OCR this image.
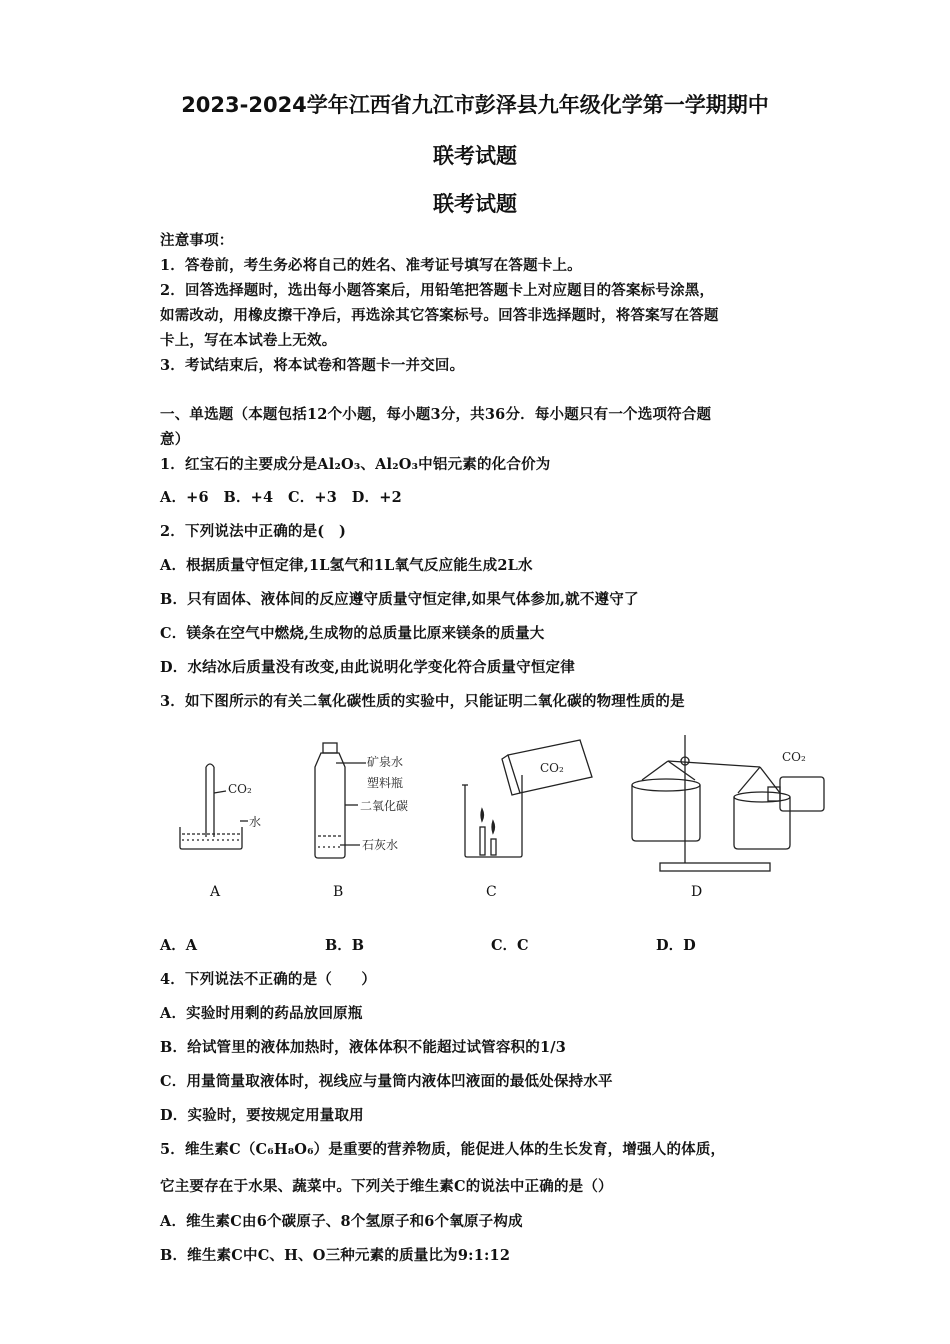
2023-2024学年江西省九江市彭泽县九年级化学第一学期期中
联考试题
联考试题
注意事项：
1．答卷前，考生务必将自己的姓名、准考证号填写在答题卡上。
2．回答选择题时，选出每小题答案后，用铅笔把答题卡上对应题目的答案标号涂黑，
如需改动，用橡皮擦干净后，再选涂其它答案标号。回答非选择题时，将答案写在答题
卡上，写在本试卷上无效。
3．考试结束后，将本试卷和答题卡一并交回。
一、单选题（本题包括12个小题，每小题3分，共36分．每小题只有一个选项符合题
意）
1．红宝石的主要成分是Al₂O₃、Al₂O₃中铝元素的化合价为
A．+6　B．+4　C．+3　D．+2
2．下列说法中正确的是(　)
A．根据质量守恒定律,1L氢气和1L氧气反应能生成2L水
B．只有固体、液体间的反应遵守质量守恒定律,如果气体参加,就不遵守了
C．镁条在空气中燃烧,生成物的总质量比原来镁条的质量大
D．水结冰后质量没有改变,由此说明化学变化符合质量守恒定律
3．如下图所示的有关二氧化碳性质的实验中，只能证明二氧化碳的物理性质的是
CO₂
水
矿泉水
塑料瓶
二氧化碳
石灰水
CO₂
CO₂
A	B	C	D
A．A	B．B	C．C	D．D
4．下列说法不正确的是（　　）
A．实验时用剩的药品放回原瓶
B．给试管里的液体加热时，液体体积不能超过试管容积的1/3
C．用量筒量取液体时，视线应与量筒内液体凹液面的最低处保持水平
D．实验时，要按规定用量取用
5．维生素C（C₆H₈O₆）是重要的营养物质，能促进人体的生长发育，增强人的体质，
它主要存在于水果、蔬菜中。下列关于维生素C的说法中正确的是（）
A．维生素C由6个碳原子、8个氢原子和6个氧原子构成
B．维生素C中C、H、O三种元素的质量比为9:1:12
